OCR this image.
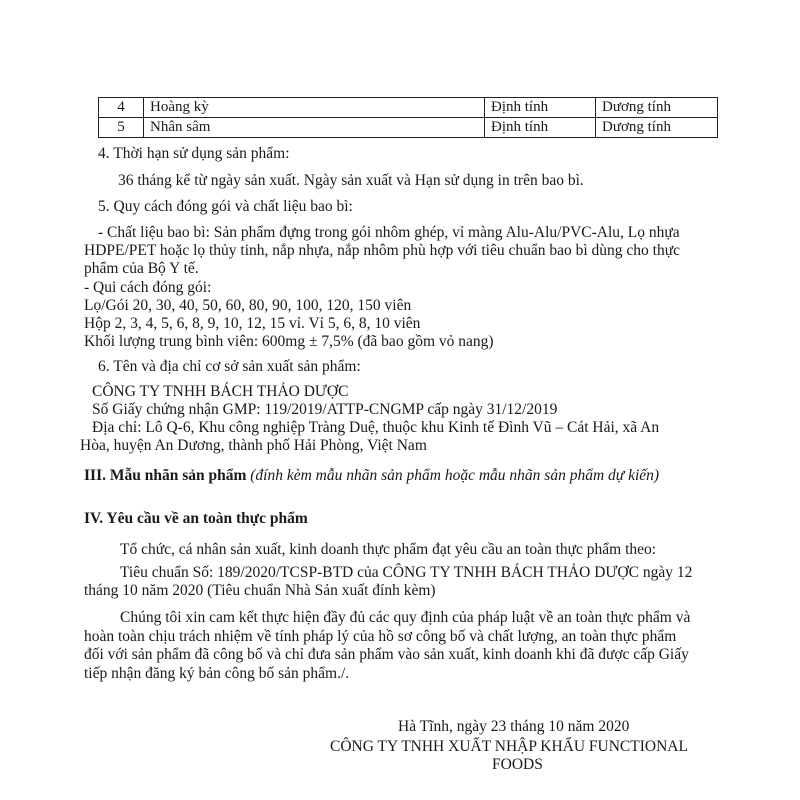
4	Hoàng kỳ	Định tính	Dương tính
5	Nhân sâm	Định tính	Dương tính
4. Thời hạn sử dụng sản phẩm:
36 tháng kể từ ngày sản xuất. Ngày sản xuất và Hạn sử dụng in trên bao bì.
5. Quy cách đóng gói và chất liệu bao bì:
- Chất liệu bao bì: Sản phẩm đựng trong gói nhôm ghép, vỉ màng Alu-Alu/PVC-Alu, Lọ nhựa
HDPE/PET hoặc lọ thủy tinh, nắp nhựa, nắp nhôm phù hợp với tiêu chuẩn bao bì dùng cho thực
phẩm của Bộ Y tế.
- Qui cách đóng gói:
Lọ/Gói 20, 30, 40, 50, 60, 80, 90, 100, 120, 150 viên
Hộp 2, 3, 4, 5, 6, 8, 9, 10, 12, 15 vỉ. Vỉ 5, 6, 8, 10 viên
Khối lượng trung bình viên: 600mg ± 7,5% (đã bao gồm vỏ nang)
6. Tên và địa chỉ cơ sở sản xuất sản phẩm:
CÔNG TY TNHH BÁCH THẢO DƯỢC
Số Giấy chứng nhận GMP: 119/2019/ATTP-CNGMP cấp ngày 31/12/2019
Địa chỉ: Lô Q-6, Khu công nghiệp Tràng Duệ, thuộc khu Kinh tế Đình Vũ – Cát Hải, xã An
Hòa, huyện An Dương, thành phố Hải Phòng, Việt Nam
III. Mẫu nhãn sản phẩm (đính kèm mẫu nhãn sản phẩm hoặc mẫu nhãn sản phẩm dự kiến)
IV. Yêu cầu về an toàn thực phẩm
Tổ chức, cá nhân sản xuất, kinh doanh thực phẩm đạt yêu cầu an toàn thực phẩm theo:
Tiêu chuẩn Số: 189/2020/TCSP-BTD của CÔNG TY TNHH BÁCH THẢO DƯỢC ngày 12
tháng 10 năm 2020 (Tiêu chuẩn Nhà Sản xuất đính kèm)
Chúng tôi xin cam kết thực hiện đầy đủ các quy định của pháp luật về an toàn thực phẩm và
hoàn toàn chịu trách nhiệm về tính pháp lý của hồ sơ công bố và chất lượng, an toàn thực phẩm
đối với sản phẩm đã công bố và chỉ đưa sản phẩm vào sản xuất, kinh doanh khi đã được cấp Giấy
tiếp nhận đăng ký bản công bố sản phẩm./.
Hà Tĩnh, ngày 23 tháng 10 năm 2020
CÔNG TY TNHH XUẤT NHẬP KHẨU FUNCTIONAL
FOODS
